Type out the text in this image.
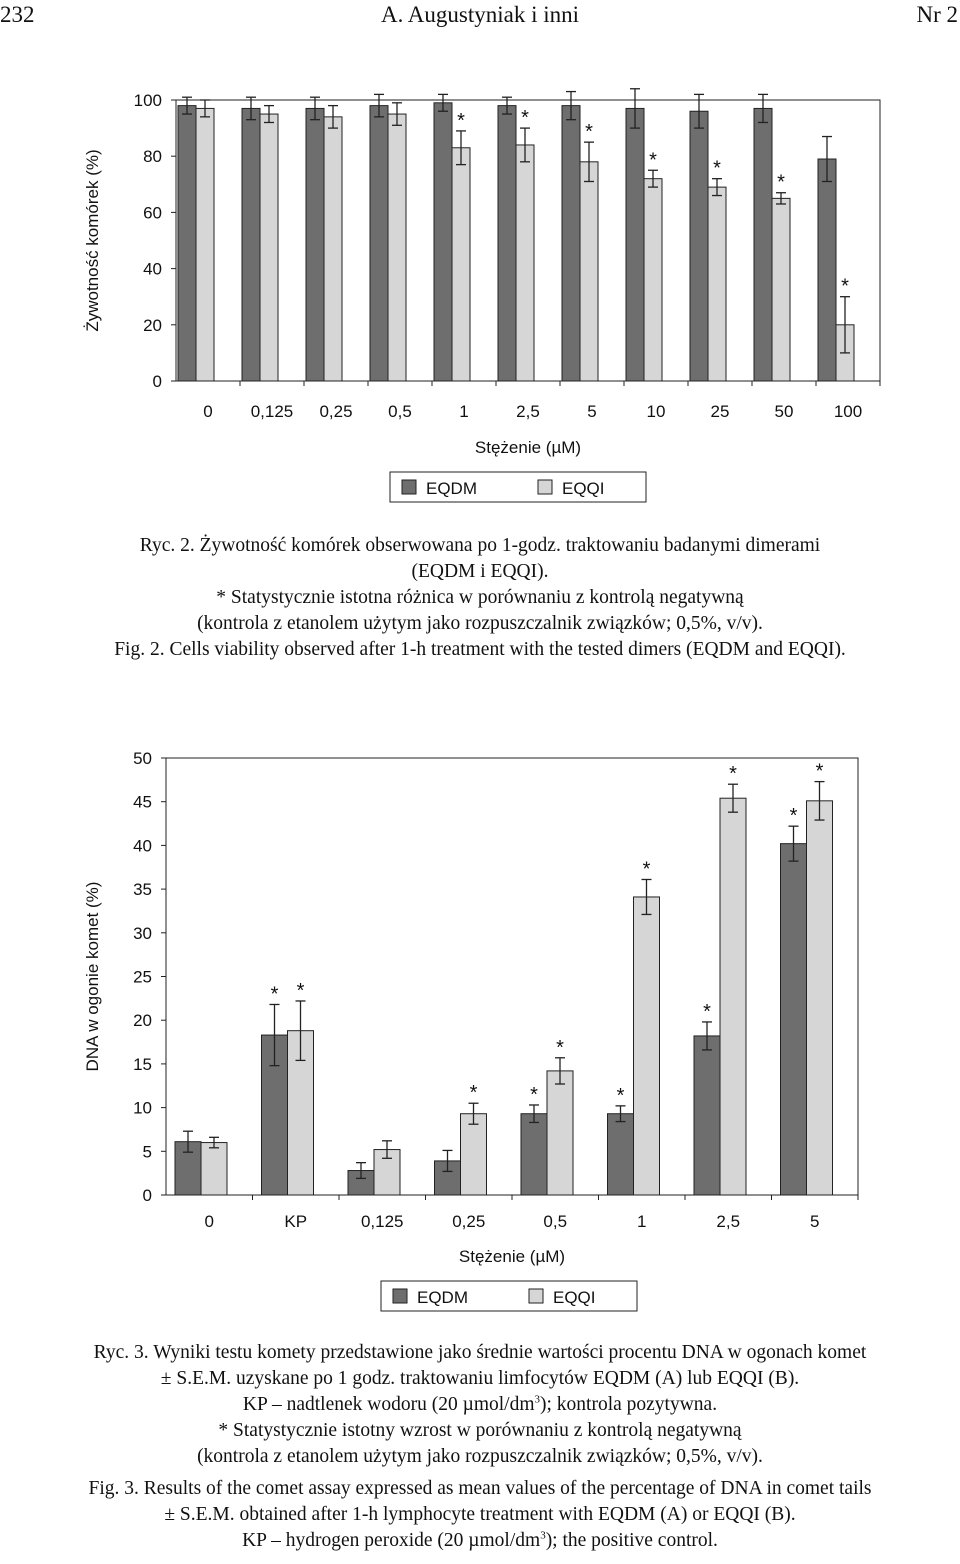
232	A. Augustyniak i inni	Nr 2
0
20
40
60
80
100
Żywotność komórek (%)
0 0,125 0,25 0,5	1
*
2,5
*
5
*
10
*
25
*
50
*
100
*
Stężenie (µM)
EQDM	EQQI
Ryc. 2. Żywotność komórek obserwowana po 1-godz. traktowaniu badanymi dimerami
(EQDM i EQQI).
* Statystycznie istotna różnica w porównaniu z kontrolą negatywną
(kontrola z etanolem użytym jako rozpuszczalnik związków; 0,5%, v/v).
Fig. 2. Cells viability observed after 1-h treatment with the tested dimers (EQDM and EQQI).
0
5
10
15
20
25
30
35
40
45
50
DNA w ogonie komet (%)
0	KP
* *
0,125	0,25
*
0,5
*
*
1
*
*
2,5
*
*
5
*
*
Stężenie (µM)
EQDM	EQQI
Ryc. 3. Wyniki testu komety przedstawione jako średnie wartości procentu DNA w ogonach komet
± S.E.M. uzyskane po 1 godz. traktowaniu limfocytów EQDM (A) lub EQQI (B).
KP – nadtlenek wodoru (20 µmol/$dm^3$); kontrola pozytywna.
* Statystycznie istotny wzrost w porównaniu z kontrolą negatywną
(kontrola z etanolem użytym jako rozpuszczalnik związków; 0,5%, v/v).
Fig. 3. Results of the comet assay expressed as mean values of the percentage of DNA in comet tails
± S.E.M. obtained after 1-h lymphocyte treatment with EQDM (A) or EQQI (B).
KP – hydrogen peroxide (20 µmol/$dm^3$); the positive control.
